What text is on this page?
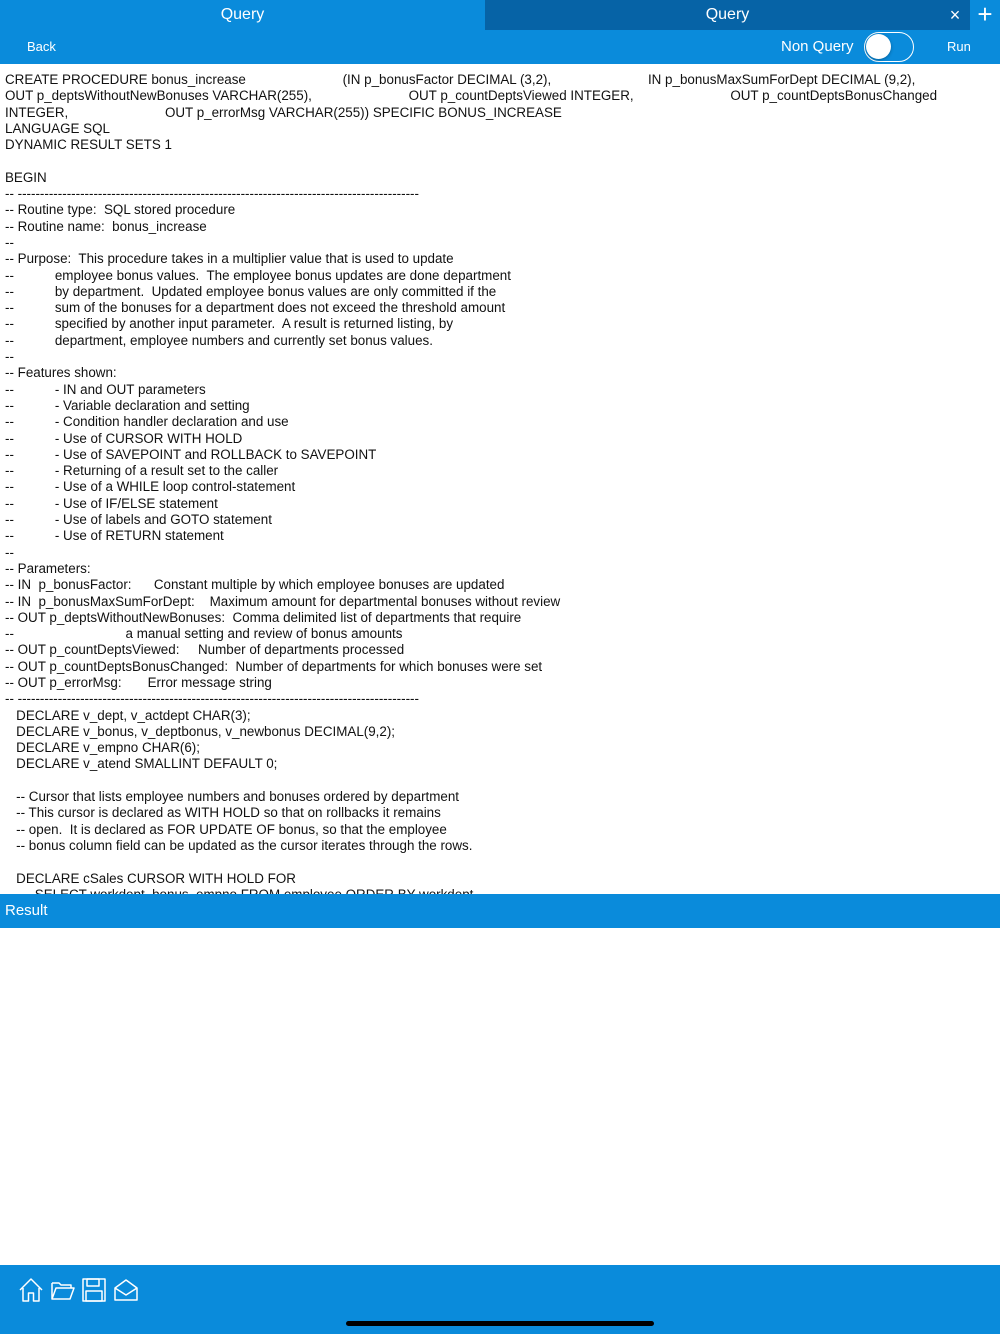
Query	Query	× +
Back	Non Query	Run
CREATE PROCEDURE bonus_increase                          (IN p_bonusFactor DECIMAL (3,2),                          IN p_bonusMaxSumForDept DECIMAL (9,2),
OUT p_deptsWithoutNewBonuses VARCHAR(255),                          OUT p_countDeptsViewed INTEGER,                          OUT p_countDeptsBonusChanged
INTEGER,                          OUT p_errorMsg VARCHAR(255)) SPECIFIC BONUS_INCREASE
LANGUAGE SQL
DYNAMIC RESULT SETS 1

BEGIN
-- ------------------------------------------------------------------------------------------
-- Routine type:  SQL stored procedure
-- Routine name:  bonus_increase
--
-- Purpose:  This procedure takes in a multiplier value that is used to update
--           employee bonus values.  The employee bonus updates are done department
--           by department.  Updated employee bonus values are only committed if the
--           sum of the bonuses for a department does not exceed the threshold amount
--           specified by another input parameter.  A result is returned listing, by
--           department, employee numbers and currently set bonus values.
--
-- Features shown:
--           - IN and OUT parameters
--           - Variable declaration and setting
--           - Condition handler declaration and use
--           - Use of CURSOR WITH HOLD
--           - Use of SAVEPOINT and ROLLBACK to SAVEPOINT
--           - Returning of a result set to the caller
--           - Use of a WHILE loop control-statement
--           - Use of IF/ELSE statement
--           - Use of labels and GOTO statement
--           - Use of RETURN statement
--
-- Parameters:
-- IN  p_bonusFactor:      Constant multiple by which employee bonuses are updated
-- IN  p_bonusMaxSumForDept:    Maximum amount for departmental bonuses without review
-- OUT p_deptsWithoutNewBonuses:  Comma delimited list of departments that require
--                              a manual setting and review of bonus amounts
-- OUT p_countDeptsViewed:     Number of departments processed
-- OUT p_countDeptsBonusChanged:  Number of departments for which bonuses were set
-- OUT p_errorMsg:       Error message string
-- ------------------------------------------------------------------------------------------
DECLARE v_dept, v_actdept CHAR(3);
DECLARE v_bonus, v_deptbonus, v_newbonus DECIMAL(9,2);
DECLARE v_empno CHAR(6);
DECLARE v_atend SMALLINT DEFAULT 0;

-- Cursor that lists employee numbers and bonuses ordered by department
-- This cursor is declared as WITH HOLD so that on rollbacks it remains
-- open.  It is declared as FOR UPDATE OF bonus, so that the employee
-- bonus column field can be updated as the cursor iterates through the rows.

DECLARE cSales CURSOR WITH HOLD FOR

Result
